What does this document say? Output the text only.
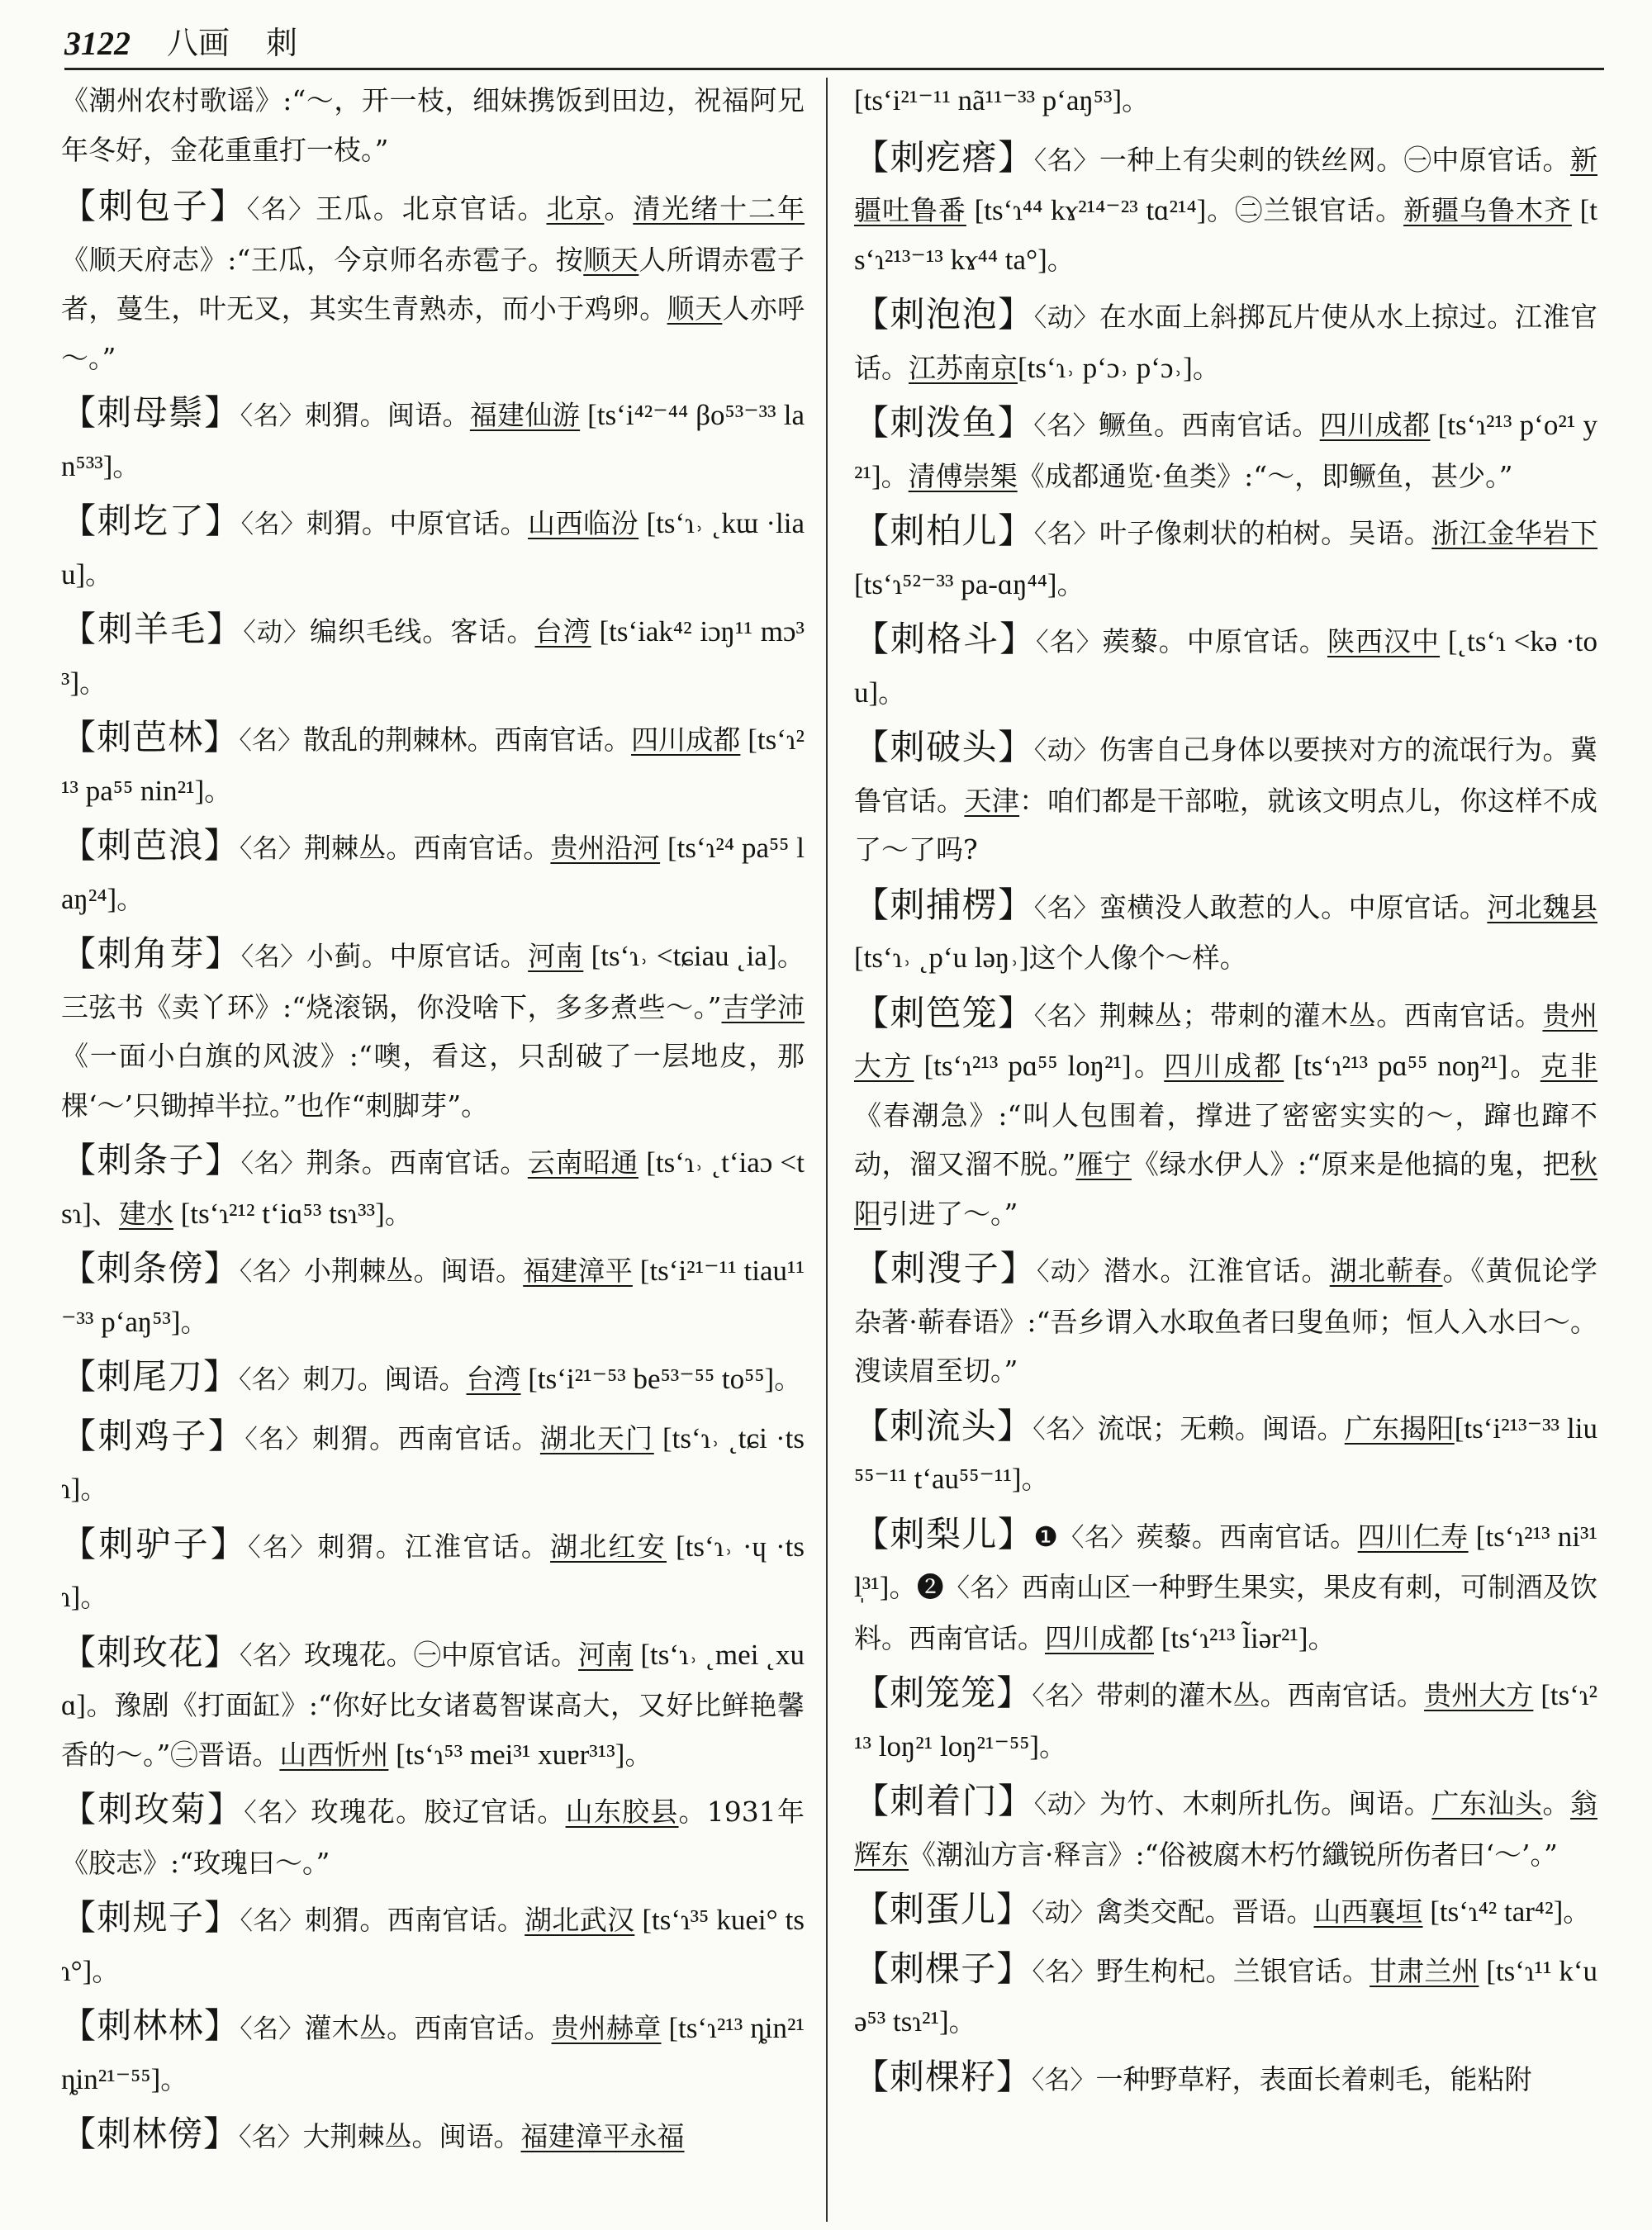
3122 八画 刺

《潮州农村歌谣》:“～，开一枝，细妹携饭到田边，祝福阿兄年冬好，金花重重打一枝。”

【刺包子】〈名〉王瓜。北京官话。北京。清光绪十二年《顺天府志》:“王瓜，今京师名赤雹子。按顺天人所谓赤雹子者，蔓生，叶无叉，其实生青熟赤，而小于鸡卵。顺天人亦呼～。”

【刺母鬃】〈名〉刺猬。闽语。福建仙游 [ts‘i⁴²⁻⁴⁴ βo⁵³⁻³³ lan⁵³³]。

【刺圪了】〈名〉刺猬。中原官话。山西临汾 [ts‘ɿ˒ ˛kɯ ·liau]。

【刺羊毛】〈动〉编织毛线。客话。台湾 [ts‘iak⁴² iɔŋ¹¹ mɔ³³]。

【刺芭林】〈名〉散乱的荆棘林。西南官话。四川成都 [ts‘ɿ²¹³ pa⁵⁵ nin²¹]。

【刺芭浪】〈名〉荆棘丛。西南官话。贵州沿河 [ts‘ɿ²⁴ pa⁵⁵ laŋ²⁴]。

【刺角芽】〈名〉小蓟。中原官话。河南 [ts‘ɿ˒ ˂tɕiau ˛ia]。三弦书《卖丫环》:“烧滚锅，你没啥下，多多煮些～。”吉学沛《一面小白旗的风波》:“噢，看这，只刮破了一层地皮，那棵‘～’只锄掉半拉。”也作“刺脚芽”。

【刺条子】〈名〉荆条。西南官话。云南昭通 [ts‘ɿ˒ ˛t‘iaɔ ˂tsɿ]、建水 [ts‘ɿ²¹² t‘iɑ⁵³ tsɿ³³]。

【刺条傍】〈名〉小荆棘丛。闽语。福建漳平 [ts‘i²¹⁻¹¹ tiau¹¹⁻³³ p‘aŋ⁵³]。

【刺尾刀】〈名〉刺刀。闽语。台湾 [ts‘i²¹⁻⁵³ be⁵³⁻⁵⁵ to⁵⁵]。

【刺鸡子】〈名〉刺猬。西南官话。湖北天门 [ts‘ɿ˒ ˛tɕi ·tsɿ]。

【刺驴子】〈名〉刺猬。江淮官话。湖北红安 [ts‘ɿ˒ ·ɥ ·tsɿ]。

【刺玫花】〈名〉玫瑰花。㊀中原官话。河南 [ts‘ɿ˒ ˛mei ˛xuɑ]。豫剧《打面缸》:“你好比女诸葛智谋高大，又好比鲜艳馨香的～。”㊁晋语。山西忻州 [ts‘ɿ⁵³ mei³¹ xuɐr³¹³]。

【刺玫菊】〈名〉玫瑰花。胶辽官话。山东胶县。1931年《胶志》:“玫瑰曰～。”

【刺规子】〈名〉刺猬。西南官话。湖北武汉 [ts‘ɿ³⁵ kuei° tsɿ°]。

【刺林林】〈名〉灌木丛。西南官话。贵州赫章 [ts‘ɿ²¹³ ȵin²¹ ȵin²¹⁻⁵⁵]。

【刺林傍】〈名〉大荆棘丛。闽语。福建漳平永福

[ts‘i²¹⁻¹¹ nã¹¹⁻³³ p‘aŋ⁵³]。

【刺疙瘩】〈名〉一种上有尖刺的铁丝网。㊀中原官话。新疆吐鲁番 [ts‘ɿ⁴⁴ kɤ²¹⁴⁻²³ tɑ²¹⁴]。㊁兰银官话。新疆乌鲁木齐 [ts‘ɿ²¹³⁻¹³ kɤ⁴⁴ ta°]。

【刺泡泡】〈动〉在水面上斜掷瓦片使从水上掠过。江淮官话。江苏南京[ts‘ɿ˒ p‘ɔ˒ p‘ɔ˒]。

【刺泼鱼】〈名〉鳜鱼。西南官话。四川成都 [ts‘ɿ²¹³ p‘o²¹ y²¹]。清傅崇榘《成都通览·鱼类》:“～，即鳜鱼，甚少。”

【刺柏儿】〈名〉叶子像刺状的柏树。吴语。浙江金华岩下 [ts‘ɿ⁵²⁻³³ pa-ɑŋ⁴⁴]。

【刺格斗】〈名〉蒺藜。中原官话。陕西汉中 [˛ts‘ɿ ˂kə ·tou]。

【刺破头】〈动〉伤害自己身体以要挟对方的流氓行为。冀鲁官话。天津：咱们都是干部啦，就该文明点儿，你这样不成了～了吗?

【刺捕楞】〈名〉蛮横没人敢惹的人。中原官话。河北魏县 [ts‘ɿ˒ ˛p‘u ləŋ˒]这个人像个～样。

【刺笆笼】〈名〉荆棘丛；带刺的灌木丛。西南官话。贵州大方 [ts‘ɿ²¹³ pɑ⁵⁵ loŋ²¹]。四川成都 [ts‘ɿ²¹³ pɑ⁵⁵ noŋ²¹]。克非《春潮急》:“叫人包围着，撑进了密密实实的～，蹿也蹿不动，溜又溜不脱。”雁宁《绿水伊人》:“原来是他搞的鬼，把秋阳引进了～。”

【刺溲子】〈动〉潜水。江淮官话。湖北蕲春。《黄侃论学杂著·蕲春语》:“吾乡谓入水取鱼者曰叟鱼师；恒人入水曰～。溲读眉至切。”

【刺流头】〈名〉流氓；无赖。闽语。广东揭阳[ts‘i²¹³⁻³³ liu⁵⁵⁻¹¹ t‘au⁵⁵⁻¹¹]。

【刺梨儿】❶〈名〉蒺藜。西南官话。四川仁寿 [ts‘ɿ²¹³ ni³¹ l̩³¹]。❷〈名〉西南山区一种野生果实，果皮有刺，可制酒及饮料。西南官话。四川成都 [ts‘ɿ²¹³ l̃iər²¹]。

【刺笼笼】〈名〉带刺的灌木丛。西南官话。贵州大方 [ts‘ɿ²¹³ loŋ²¹ loŋ²¹⁻⁵⁵]。

【刺着门】〈动〉为竹、木刺所扎伤。闽语。广东汕头。翁辉东《潮汕方言·释言》:“俗被腐木朽竹纖锐所伤者曰‘～’。”

【刺蛋儿】〈动〉禽类交配。晋语。山西襄垣 [ts‘ɿ⁴² tar⁴²]。

【刺棵子】〈名〉野生枸杞。兰银官话。甘肃兰州 [ts‘ɿ¹¹ k‘uə⁵³ tsɿ²¹]。

【刺棵籽】〈名〉一种野草籽，表面长着刺毛，能粘附
